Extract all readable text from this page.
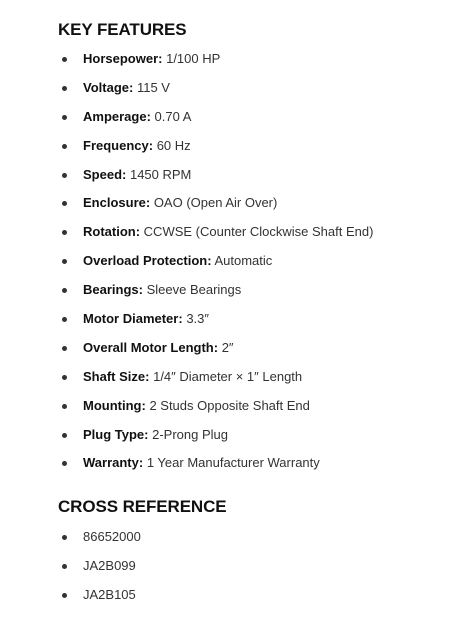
KEY FEATURES
Horsepower: 1/100 HP
Voltage: 115 V
Amperage: 0.70 A
Frequency: 60 Hz
Speed: 1450 RPM
Enclosure: OAO (Open Air Over)
Rotation: CCWSE (Counter Clockwise Shaft End)
Overload Protection: Automatic
Bearings: Sleeve Bearings
Motor Diameter: 3.3″
Overall Motor Length: 2″
Shaft Size: 1/4″ Diameter × 1″ Length
Mounting: 2 Studs Opposite Shaft End
Plug Type: 2-Prong Plug
Warranty: 1 Year Manufacturer Warranty
CROSS REFERENCE
86652000
JA2B099
JA2B105
